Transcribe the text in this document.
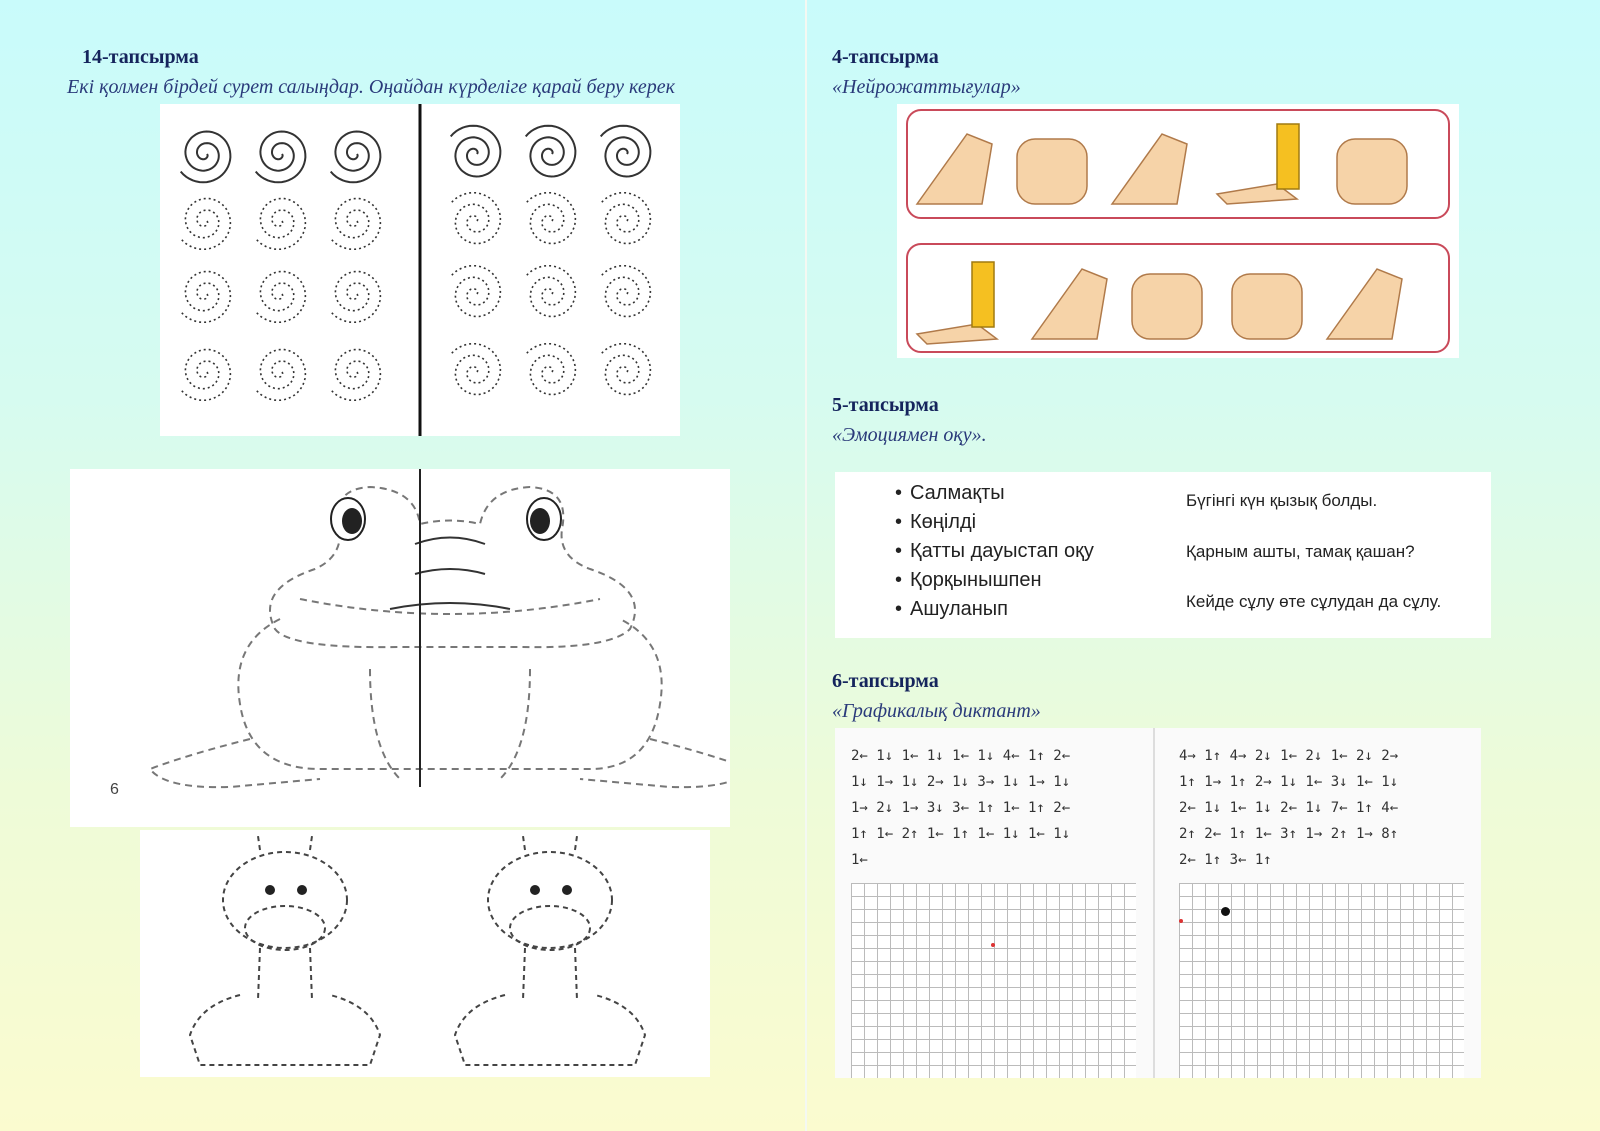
14-тапсырма

Екі қолмен бірдей сурет салыңдар. Оңайдан күрделіге қарай беру керек

6
4-тапсырма

«Нейрожаттығулар»

5-тапсырма

«Эмоциямен оқу».

• Салмақты
• Көңілді
• Қатты дауыстап оқу
• Қорқынышпен
• Ашуланып
Бүгінгі күн қызық болды.
Қарным ашты, тамақ қашан?
Кейде сұлу өте сұлудан да сұлу.
6-тапсырма

«Графикалық диктант»

2← 1↓ 1← 1↓ 1← 1↓ 4← 1↑ 2←
1↓ 1→ 1↓ 2→ 1↓ 3→ 1↓ 1→ 1↓
1→ 2↓ 1→ 3↓ 3← 1↑ 1← 1↑ 2←
1↑ 1← 2↑ 1← 1↑ 1← 1↓ 1← 1↓
1←
4→ 1↑ 4→ 2↓ 1← 2↓ 1← 2↓ 2→
1↑ 1→ 1↑ 2→ 1↓ 1← 3↓ 1← 1↓
2← 1↓ 1← 1↓ 2← 1↓ 7← 1↑ 4←
2↑ 2← 1↑ 1← 3↑ 1→ 2↑ 1→ 8↑
2← 1↑ 3← 1↑
